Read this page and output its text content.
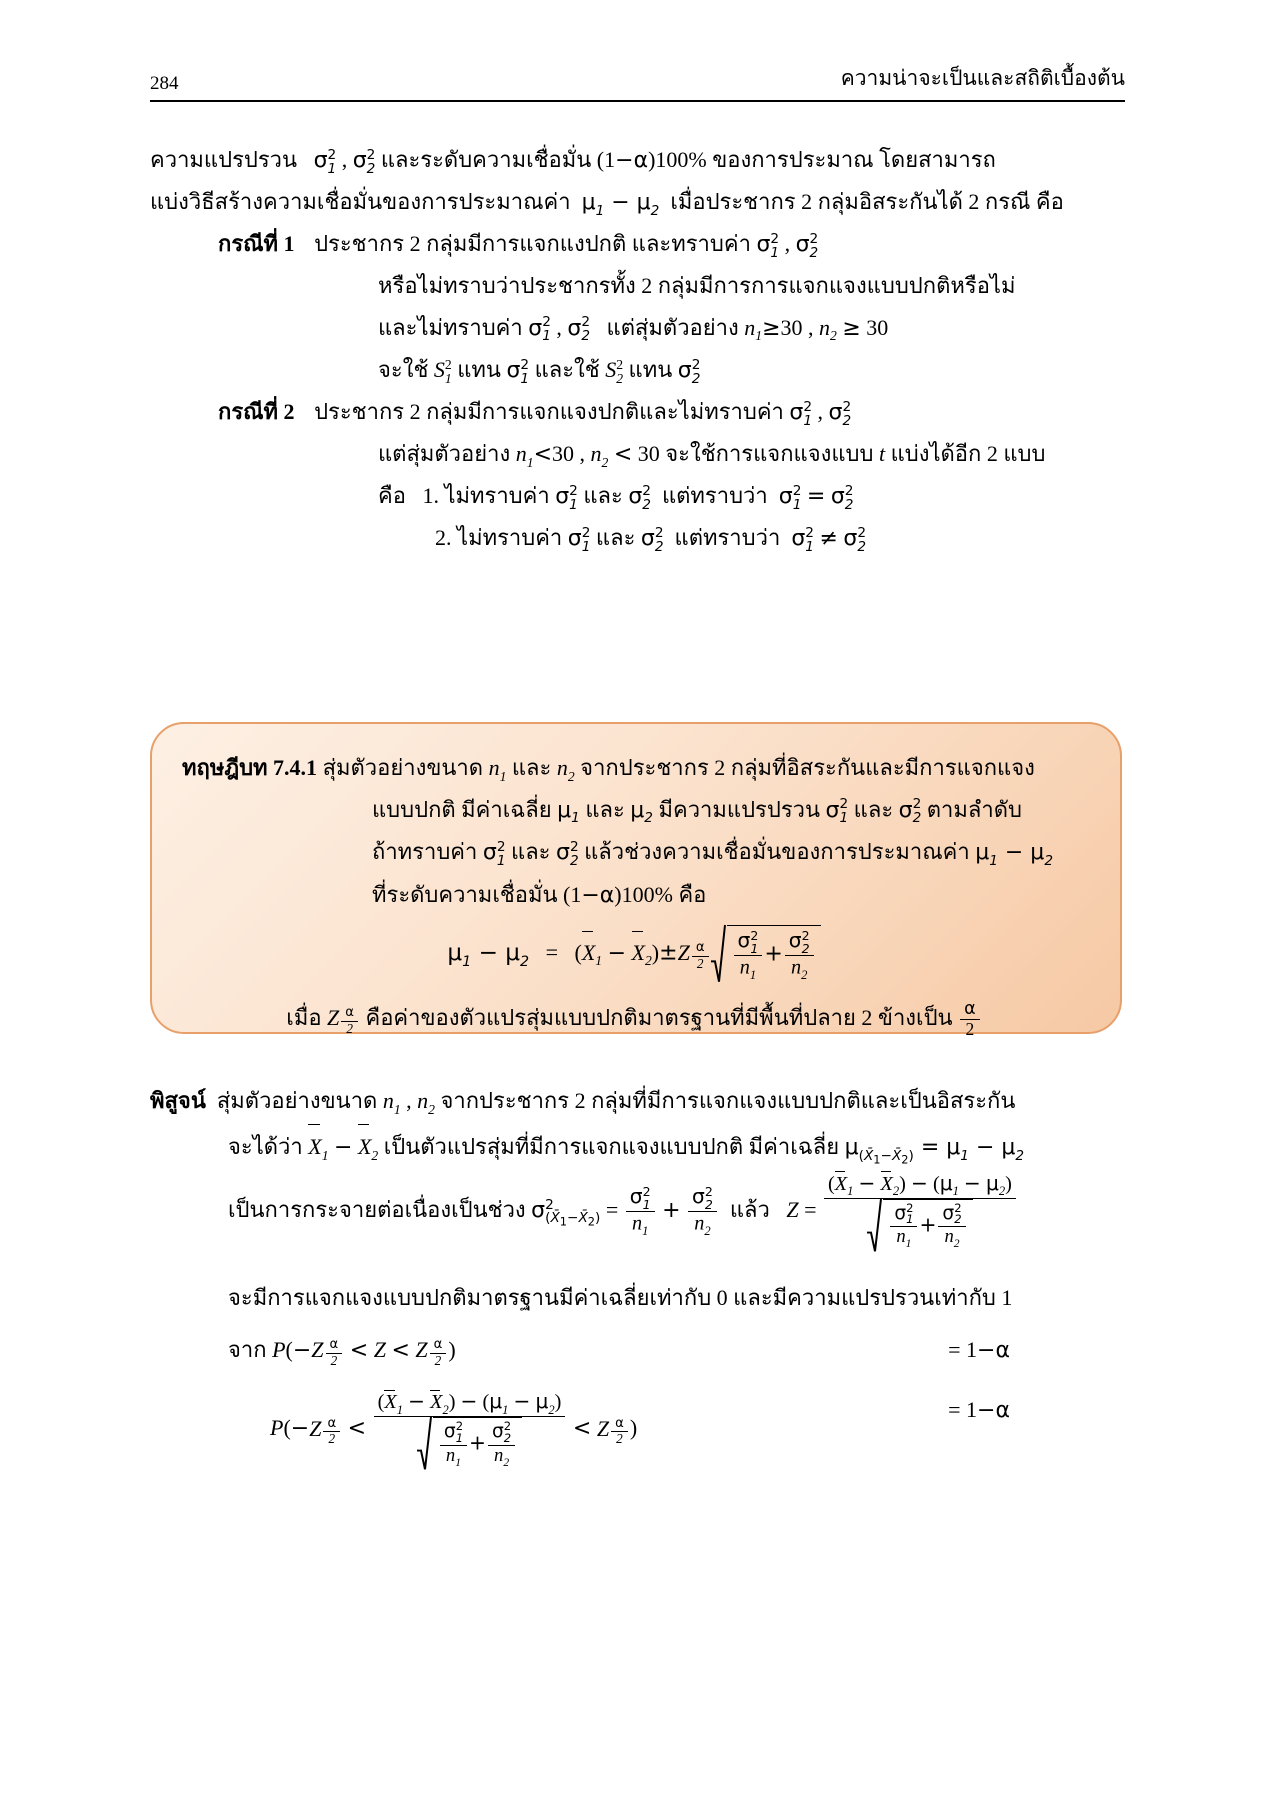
284	ความน่าจะเป็นและสถิติเบื้องต้น
ความแปรปรวน σ2
1 , σ2
2 และระดับความเชื่อมั่น (1−α)100% ของการประมาณ โดยสามารถ
แบ่งวิธีสร้างความเชื่อมั่นของการประมาณค่า μ
1 − μ
2 เมื่อประชากร 2 กลุ่มอิสระกันได้ 2 กรณี คือ
กรณีที่ 1 ประชากร 2 กลุ่มมีการแจกแงปกติ และทราบค่า σ2
1 , σ2
2
หรือไม่ทราบว่าประชากรทั้ง 2 กลุ่มมีการการแจกแจงแบบปกติหรือไม่
และไม่ทราบค่า σ2
1 , σ2
2 แต่สุ่มตัวอย่าง n
1≥30 , n
2 ≥ 30
จะใช้ S2
1 แทน σ2
1 และใช้ S2
2 แทน σ2
2
กรณีที่ 2 ประชากร 2 กลุ่มมีการแจกแจงปกติและไม่ทราบค่า σ2
1 , σ2
2
แต่สุ่มตัวอย่าง n
1<30 , n
2 < 30 จะใช้การแจกแจงแบบ t แบ่งได้อีก 2 แบบ
คือ 1. ไม่ทราบค่า σ2
1 และ σ2
2 แต่ทราบว่า σ2
1 = σ2
2
2. ไม่ทราบค่า σ2
1 และ σ2
2 แต่ทราบว่า σ2
1 ≠ σ2
2
ทฤษฎีบท 7.4.1 สุ่มตัวอย่างขนาด n
1 และ n
2 จากประชากร 2 กลุ่มที่อิสระกันและมีการแจกแจง
แบบปกติ มีค่าเฉลี่ย μ
1 และ μ
2 มีความแปรปรวน σ2
1 และ σ2
2 ตามลำดับ
ถ้าทราบค่า σ2
1 และ σ2
2 แล้วช่วงความเชื่อมั่นของการประมาณค่า μ
1 − μ
2
ที่ระดับความเชื่อมั่น (1−α)100% คือ
μ
1 − μ
2   =   (
X
1 − X
$2)\pm Z \frac{\alpha}{2}$
σ2
1
n
1
+
σ2
2
n
2
เมื่อ Z $\frac{\alpha}{2}$ คือค่าของตัวแปรสุ่มแบบปกติมาตรฐานที่มีพื้นที่ปลาย 2 ข้างเป็น $\frac{\alpha}{2}$
พิสูจน์ สุ่มตัวอย่างขนาด n
1 , n
2 จากประชากร 2 กลุ่มที่มีการแจกแจงแบบปกติและเป็นอิสระกัน
จะได้ว่า X
1 − X
2 เป็นตัวแปรสุ่มที่มีการแจกแจงแบบปกติ มีค่าเฉลี่ย μ
$(X̄_1-X̄_2) = \mu$
1 − μ
2
เป็นการกระจายต่อเนื่องเป็นช่วง σ2
$(X̄_1-X̄_2)$ =
σ2
1
n
1
+
σ2
2
n
2
แล้ว Z =
(
X
1 − X
2) − (μ
1 − μ
2)
σ2
1
n
1
+ σ2
2
n
2
จะมีการแจกแจงแบบปกติมาตรฐานมีค่าเฉลี่ยเท่ากับ 0 และมีความแปรปรวนเท่ากับ 1
จาก $P(-Z \frac{\alpha}{2} < Z < Z \frac{\alpha}{2}$ )	= 1−α
$P(-Z \frac{\alpha}{2}$ <
(
X
1 − X
2) − (μ
1 − μ
2)
σ2
1
n
1
+ σ2
2
n
2
< Z $\frac{\alpha}{2}$ )
= 1−α
